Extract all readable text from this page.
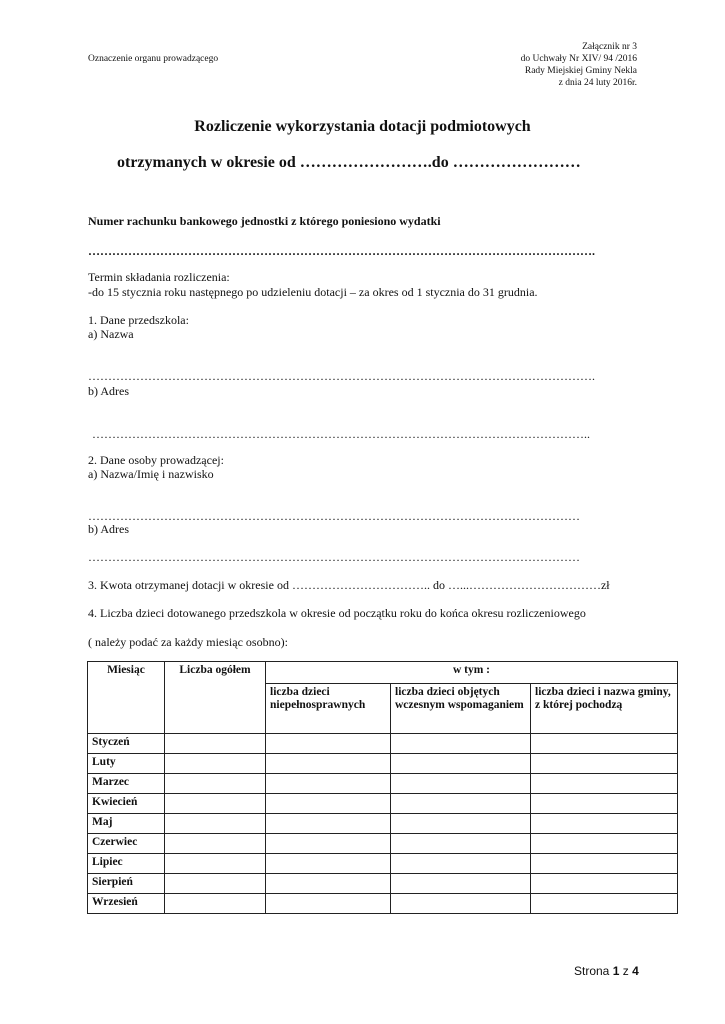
Oznaczenie organu prowadzącego
Załącznik nr 3
do Uchwały Nr XIV/ 94 /2016
Rady Miejskiej Gminy Nekla
z dnia 24 luty 2016r.
Rozliczenie wykorzystania dotacji podmiotowych
otrzymanych w okresie od …………………….do ……………………
Numer rachunku bankowego jednostki z którego poniesiono wydatki
……………………………………………………………………………………………………………….
Termin składania rozliczenia:
-do 15 stycznia roku następnego po udzieleniu dotacji – za okres od 1 stycznia do 31 grudnia.
1. Dane przedszkola:
a) Nazwa
……………………………………………………………………………………………………………….
b) Adres
……………………………………………………………………………………………………………..
2. Dane osoby prowadzącej:
a) Nazwa/Imię i nazwisko
……………………………………………………………………………………………………………
b) Adres
……………………………………………………………………………………………………………
3. Kwota otrzymanej dotacji w okresie od …………………………….. do …...……………………………zł
4. Liczba dzieci dotowanego przedszkola w okresie od początku roku do końca okresu rozliczeniowego
( należy podać za każdy miesiąc osobno):
Miesiąc	Liczba ogółem	w tym :		
		liczba dzieci niepełnosprawnych	liczba dzieci objętych wczesnym wspomaganiem	liczba dzieci i nazwa gminy, z której pochodzą
Styczeń				
Luty				
Marzec				
Kwiecień				
Maj				
Czerwiec				
Lipiec				
Sierpień				
Wrzesień				
Strona 1 z 4
